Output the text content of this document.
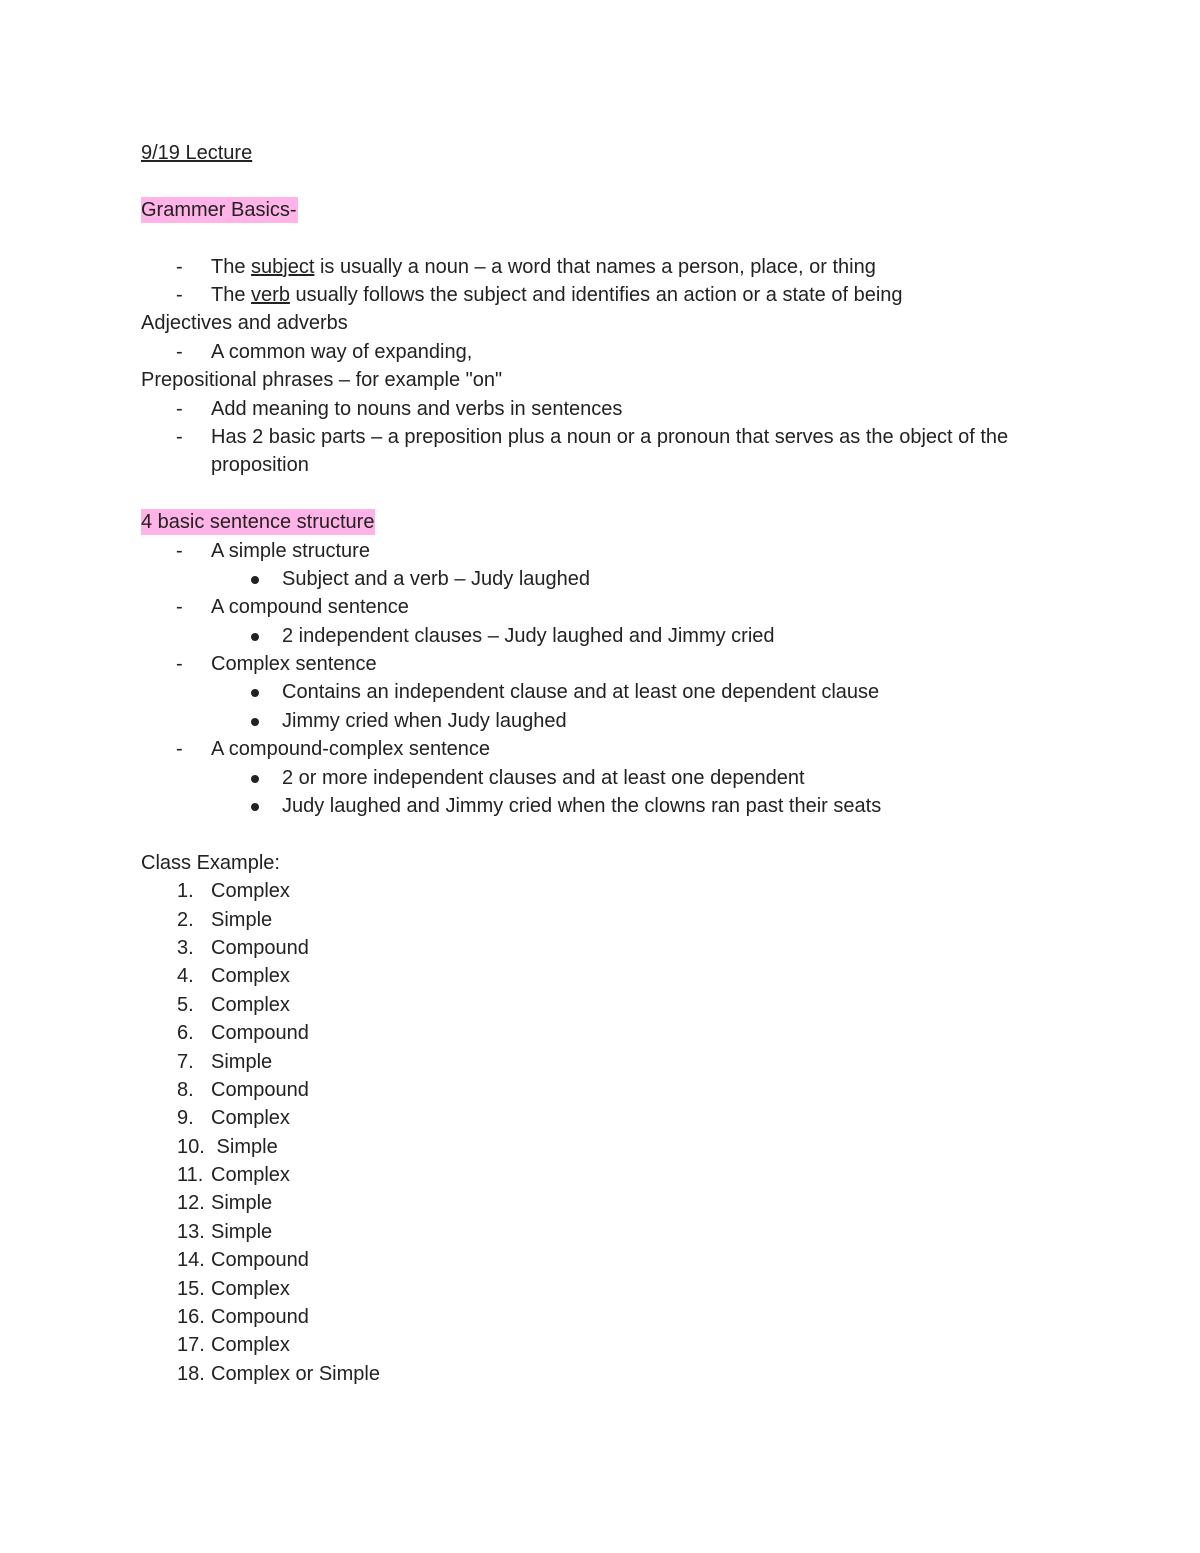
9/19 Lecture
Grammer Basics-
- The subject is usually a noun – a word that names a person, place, or thing
- The verb usually follows the subject and identifies an action or a state of being
Adjectives and adverbs
- A common way of expanding,
Prepositional phrases – for example "on"
- Add meaning to nouns and verbs in sentences
- Has 2 basic parts – a preposition plus a noun or a pronoun that serves as the object of the proposition
4 basic sentence structure
- A simple structure
Subject and a verb – Judy laughed
- A compound sentence
2 independent clauses – Judy laughed and Jimmy cried
- Complex sentence
Contains an independent clause and at least one dependent clause
Jimmy cried when Judy laughed
- A compound-complex sentence
2 or more independent clauses and at least one dependent
Judy laughed and Jimmy cried when the clowns ran past their seats
Class Example:
1. Complex
2. Simple
3. Compound
4. Complex
5. Complex
6. Compound
7. Simple
8. Compound
9. Complex
10. Simple
11. Complex
12. Simple
13. Simple
14. Compound
15. Complex
16. Compound
17. Complex
18. Complex or Simple
